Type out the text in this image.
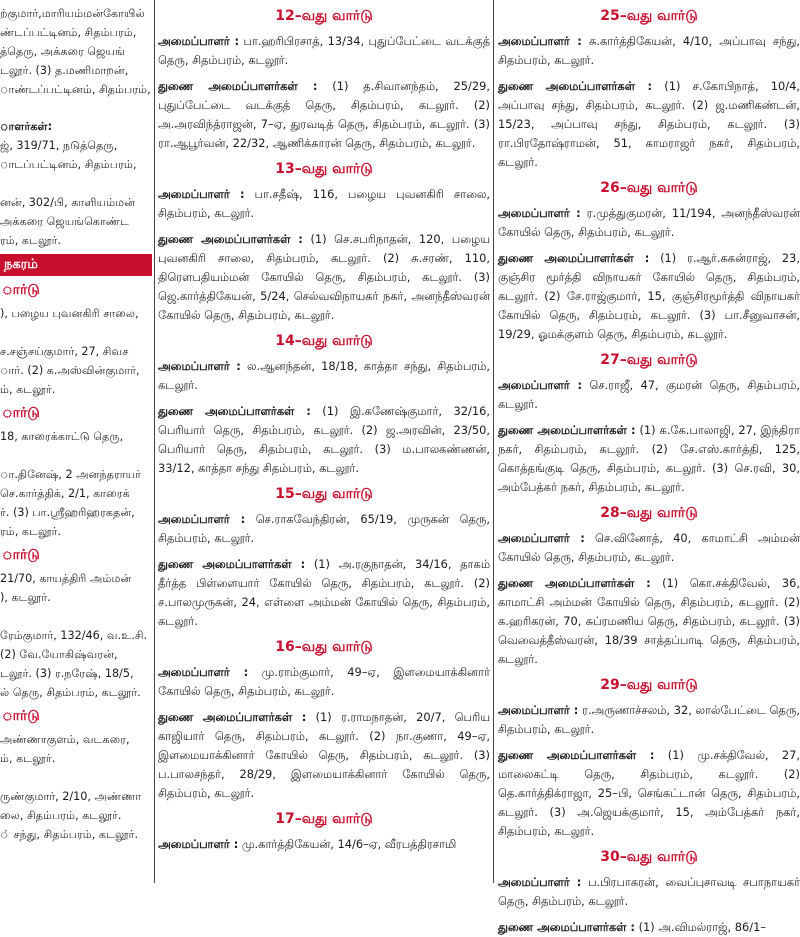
ற்குமார்,மாரியம்மன்கோயில்

ண்டப்பட்டினம், சிதம்பரம்,

த்தெரு, அக்கரை ஜெயங்

டலூர். (3) த.மணிமாறன்,

ாண்டப்பட்டினம், சிதம்பரம்,

ாளர்கள்:

ஜ், 319/71, நடுத்தெரு,

ாடப்பட்டினம், சிதம்பரம்,

னன், 302/பி, காளியம்மன்

அக்கரை ஜெயங்கொண்ட

ரம், கடலூர்.

நகரம்
ார்டு

), பழைய புவனகிரி சாலை,

ச.சஞ்சய்குமார், 27, சிவச

ார். (2) க.அஸ்வின்குமார்,

ம், கடலூர்.

ார்டு

18, காரைக்காட்டு தெரு,

ா.தினேஷ், 2 அனந்தராயர்

செ.கார்த்திக், 2/1, காரைக்

ர். (3) பா.ஸ்ரீஹரிஹரகதன்,

ரம், கடலூர்.

ார்டு

21/70, காயத்திரி அம்மன்

), கடலூர்.

ரேம்குமார், 132/46, வ.உ.சி.

(2) வே.யோகிஷ்வரன்,

டலூர். (3) ர.நரேஷ், 18/5,

ல் தெரு, சிதம்பரம், கடலூர்.

ார்டு

அண்ணாகுளம், வடகரை,

ம், கடலூர்.

ருண்குமார், 2/10, அண்ணா

லை, சிதம்பரம், கடலூர்.

் சந்து, சிதம்பரம், கடலூர்.

12–வது வார்டு

அமைப்பாளர் : பா.ஹரிபிரசாத், 13/34, புதுப்பேட்டை வடக்குத் தெரு, சிதம்பரம், கடலூர்.

துணை அமைப்பாளர்கள் : (1) த.சிவானந்தம், 25/29, புதுப்பேட்டை வடக்குத் தெரு, சிதம்பரம், கடலூர். (2) அ.அரவிந்த்ராஜன், 7–ஏ, துரவடித் தெரு, சிதம்பரம், கடலூர். (3) ரா.ஆபூர்வன், 22/32, ஆணிக்காரன் தெரு, சிதம்பரம், கடலூர்.

13–வது வார்டு

அமைப்பாளர் : பா.சதீஷ், 116, பழைய புவனகிரி சாலை, சிதம்பரம், கடலூர்.

துணை அமைப்பாளர்கள் : (1) செ.சபரிநாதன், 120, பழைய புவனகிரி சாலை, சிதம்பரம், கடலூர். (2) சு.சரண், 110, திரௌபதியம்மன் கோயில் தெரு, சிதம்பரம், கடலூர். (3) ஜெ.கார்த்திகேயன், 5/24, செல்வவிநாயகர் நகர், அனந்தீஸ்வரன் கோயில் தெரு, சிதம்பரம், கடலூர்.

14–வது வார்டு

அமைப்பாளர் : ல.ஆனந்தன், 18/18, காத்தா சந்து, சிதம்பரம், கடலூர்.

துணை அமைப்பாளர்கள் : (1) இ.கணேஷ்குமார், 32/16, பெரியார் தெரு, சிதம்பரம், கடலூர். (2) ஜ.அரவின், 23/50, பெரியார் தெரு, சிதம்பரம், கடலூர். (3) ம.பாலகண்ணன், 33/12, காத்தா சந்து சிதம்பரம், கடலூர்.

15–வது வார்டு

அமைப்பாளர் : செ.ராகவேந்திரன், 65/19, முருகன் தெரு, சிதம்பரம், கடலூர்.

துணை அமைப்பாளர்கள் : (1) அ.ரகுநாதன், 34/16, தாகம் தீர்த்த பிள்ளையார் கோயில் தெரு, சிதம்பரம், கடலூர். (2) ச.பாலமுருகன், 24, எள்ளை அம்மன் கோயில் தெரு, சிதம்பரம், கடலூர்.

16–வது வார்டு

அமைப்பாளர் : மு.ராம்குமார், 49–ஏ, இளமையாக்கினார் கோயில் தெரு, சிதம்பரம், கடலூர்.

துணை அமைப்பாளர்கள் : (1) ர.ராமநாதன், 20/7, பெரிய காஜியார் தெரு, சிதம்பரம், கடலூர். (2) நா.குணா, 49–ஏ, இளமையாக்கினார் கோயில் தெரு, சிதம்பரம், கடலூர். (3) ப.பாலசந்தர், 28/29, இளமையாக்கினார் கோயில் தெரு, சிதம்பரம், கடலூர்.

17–வது வார்டு

அமைப்பாளர் : மு.கார்த்திகேயன், 14/6–ஏ, வீரபத்திரசாமி

25–வது வார்டு

அமைப்பாளர் : சு.கார்த்திகேயன், 4/10, அப்பாவு சந்து, சிதம்பரம், கடலூர்.

துணை அமைப்பாளர்கள் : (1) ச.கோபிநாத், 10/4, அப்பாவு சந்து, சிதம்பரம், கடலூர். (2) ஜ.மணிகண்டன், 15/23, அப்பாவு சந்து, சிதம்பரம், கடலூர். (3) ரா.பிரதோஷ்ராமன், 51, காமராஜர் நகர், சிதம்பரம், கடலூர்.

26–வது வார்டு

அமைப்பாளர் : ர.முத்துகுமரன், 11/194, அனந்தீஸ்வரன் கோயில் தெரு, சிதம்பரம், கடலூர்.

துணை அமைப்பாளர்கள் : (1) ர.ஆர்.ககன்ராஜ், 23, குஞ்சிர மூர்த்தி விநாயகர் கோயில் தெரு, சிதம்பரம், கடலூர். (2) சே.ராஜ்குமார், 15, குஞ்சிரமூர்த்தி விநாயகர் கோயில் தெரு, சிதம்பரம், கடலூர். (3) பா.சீனுவாசன், 19/29, ஓமக்குளம் தெரு, சிதம்பரம், கடலூர்.

27–வது வார்டு

அமைப்பாளர் : செ.ராஜீ, 47, குமரன் தெரு, சிதம்பரம், கடலூர்.

துணை அமைப்பாளர்கள் : (1) க.கே.பாலாஜி, 27, இந்திரா நகர், சிதம்பரம், கடலூர். (2) சே.எஸ்.கார்த்தி, 125, கொத்தங்குடி தெரு, சிதம்பரம், கடலூர். (3) செ.ரவி, 30, அம்பேத்கர் நகர், சிதம்பரம், கடலூர்.

28–வது வார்டு

அமைப்பாளர் : செ.வினோத், 40, காமாட்சி அம்மன் கோயில் தெரு, சிதம்பரம், கடலூர்.

துணை அமைப்பாளர்கள் : (1) கொ.சக்திவேல், 36, காமாட்சி அம்மன் கோயில் தெரு, சிதம்பரம், கடலூர். (2) க.ஹரிகரன், 70, சுப்ரமணிய தெரு, சிதம்பரம், கடலூர். (3) வெவைத்தீஸ்வரன், 18/39 சாத்தப்பாடி தெரு, சிதம்பரம், கடலூர்.

29–வது வார்டு

அமைப்பாளர் : ர.அருணாச்சலம், 32, லால்பேட்டை தெரு, சிதம்பரம், கடலூர்.

துணை அமைப்பாளர்கள் : (1) மு.சக்திவேல், 27, மாலைகட்டி தெரு, சிதம்பரம், கடலூர். (2) தெ.கார்த்திக்ராஜா, 25–பி, செங்கட்டான் தெரு, சிதம்பரம், கடலூர். (3) அ.ஜெயக்குமார், 15, அம்பேத்கர் நகர், சிதம்பரம், கடலூர்.

30–வது வார்டு

அமைப்பாளர் : ப.பிரபாகரன், வைப்புசாவடி சபாநாயகர் தெரு, சிதம்பரம், கடலூர்.

துணை அமைப்பாளர்கள் : (1) அ.விமல்ராஜ், 86/1–
